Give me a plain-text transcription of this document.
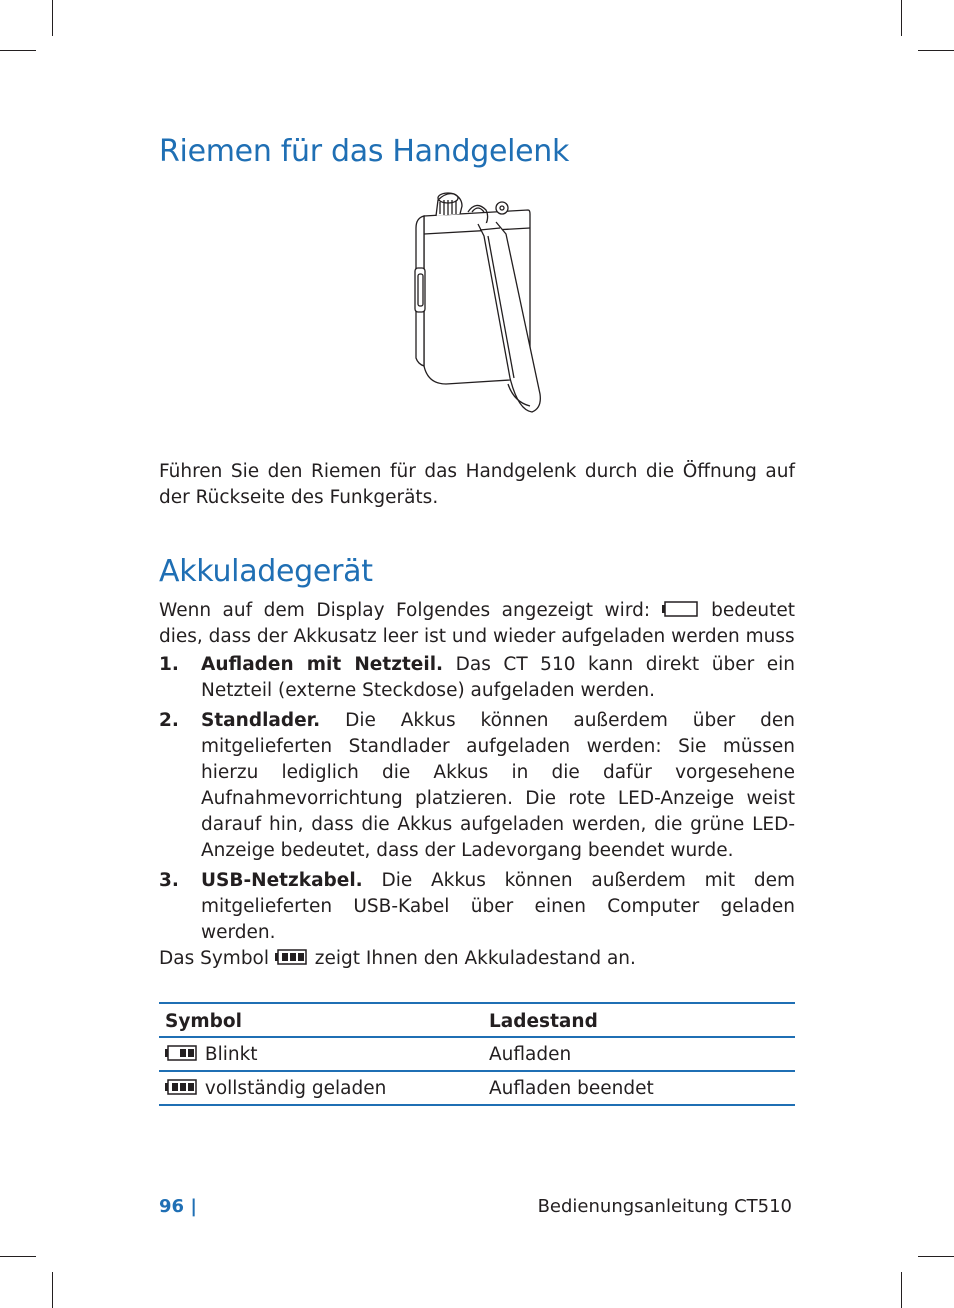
Riemen für das Handgelenk

Führen Sie den Riemen für das Handgelenk durch die Öffnung auf der Rückseite des Funkgeräts.

Akkuladegerät

Wenn auf dem Display Folgendes angezeigt wird:	bedeutet dies, dass der Akkusatz leer ist und wieder aufgeladen werden muss

1. Aufladen mit Netzteil. Das CT 510 kann direkt über ein Netzteil (externe Steckdose) aufgeladen werden.
2. Standlader. Die Akkus können außerdem über den mitgelieferten Standlader aufgeladen werden: Sie müssen hierzu lediglich die Akkus in die dafür vorgesehene Aufnahmevorrichtung platzieren. Die rote LED-Anzeige weist darauf hin, dass die Akkus aufgeladen werden, die grüne LED-Anzeige bedeutet, dass der Ladevorgang beendet wurde.
3. USB-Netzkabel. Die Akkus können außerdem mit dem mitgelieferten USB-Kabel über einen Computer geladen werden.

Das Symbol  zeigt Ihnen den Akkuladestand an.

Symbol	Ladestand
Blinkt	Aufladen
vollständig geladen	Aufladen beendet
96 |	Bedienungsanleitung CT510
